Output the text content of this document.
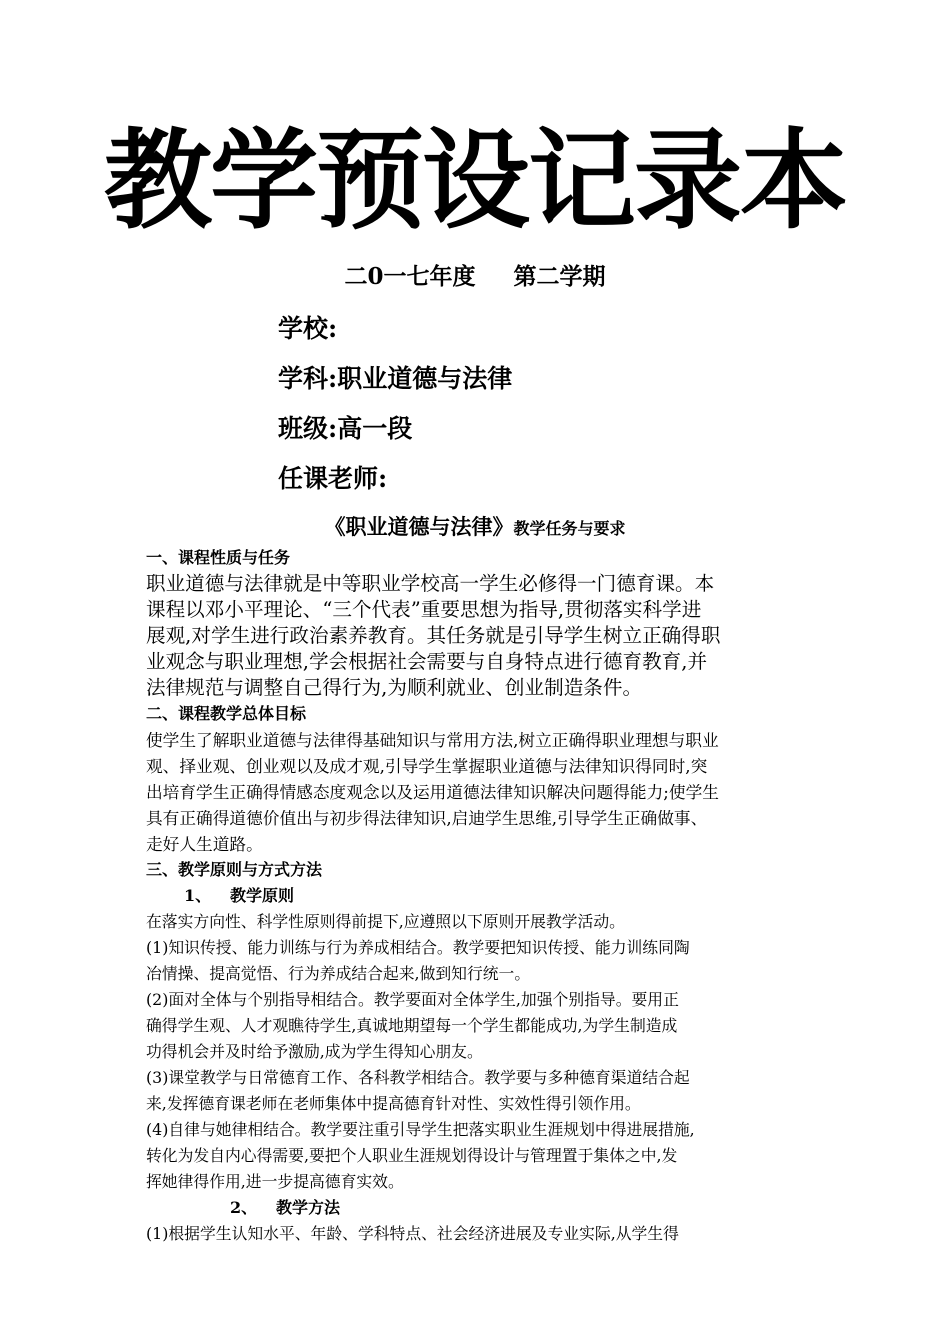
教学预设记录本
二0一七年度 第二学期
学校:
学科:职业道德与法律
班级:高一段
任课老师:
《职业道德与法律》教学任务与要求
一、课程性质与任务
职业道德与法律就是中等职业学校高一学生必修得一门德育课。本
课程以邓小平理论、“三个代表”重要思想为指导,贯彻落实科学进
展观,对学生进行政治素养教育。其任务就是引导学生树立正确得职
业观念与职业理想,学会根据社会需要与自身特点进行德育教育,并
法律规范与调整自己得行为,为顺利就业、创业制造条件。
二、课程教学总体目标
使学生了解职业道德与法律得基础知识与常用方法,树立正确得职业理想与职业
观、择业观、创业观以及成才观,引导学生掌握职业道德与法律知识得同时,突
出培育学生正确得情感态度观念以及运用道德法律知识解决问题得能力;使学生
具有正确得道德价值出与初步得法律知识,启迪学生思维,引导学生正确做事、
走好人生道路。
三、教学原则与方式方法
1、 教学原则
在落实方向性、科学性原则得前提下,应遵照以下原则开展教学活动。
(1)知识传授、能力训练与行为养成相结合。教学要把知识传授、能力训练同陶
冶情操、提高觉悟、行为养成结合起来,做到知行统一。
(2)面对全体与个别指导相结合。教学要面对全体学生,加强个别指导。要用正
确得学生观、人才观瞧待学生,真诚地期望每一个学生都能成功,为学生制造成
功得机会并及时给予激励,成为学生得知心朋友。
(3)课堂教学与日常德育工作、各科教学相结合。教学要与多种德育渠道结合起
来,发挥德育课老师在老师集体中提高德育针对性、实效性得引领作用。
(4)自律与她律相结合。教学要注重引导学生把落实职业生涯规划中得进展措施,
转化为发自内心得需要,要把个人职业生涯规划得设计与管理置于集体之中,发
挥她律得作用,进一步提高德育实效。
2、 教学方法
(1)根据学生认知水平、年龄、学科特点、社会经济进展及专业实际,从学生得
